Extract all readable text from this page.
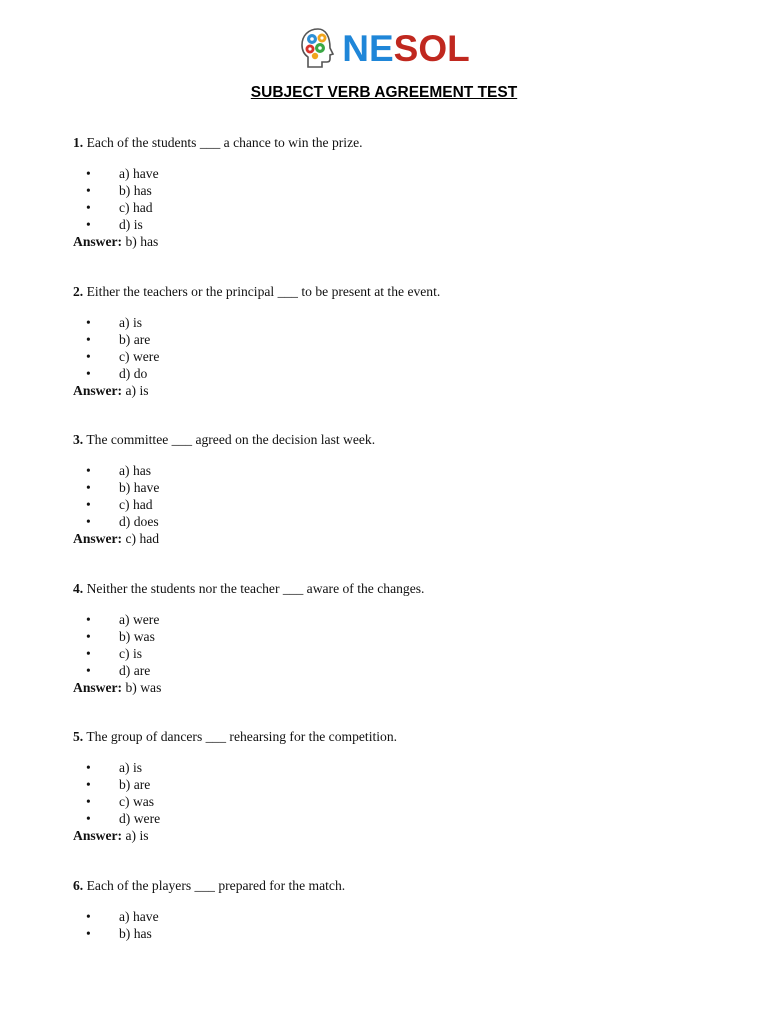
NESOL
SUBJECT VERB AGREEMENT TEST

1. Each of the students ___ a chance to win the prize.

• a) have
• b) has
• c) had
• d) is

Answer: b) has

2. Either the teachers or the principal ___ to be present at the event.

• a) is
• b) are
• c) were
• d) do

Answer: a) is

3. The committee ___ agreed on the decision last week.

• a) has
• b) have
• c) had
• d) does

Answer: c) had

4. Neither the students nor the teacher ___ aware of the changes.

• a) were
• b) was
• c) is
• d) are

Answer: b) was

5. The group of dancers ___ rehearsing for the competition.

• a) is
• b) are
• c) was
• d) were

Answer: a) is

6. Each of the players ___ prepared for the match.

• a) have
• b) has
